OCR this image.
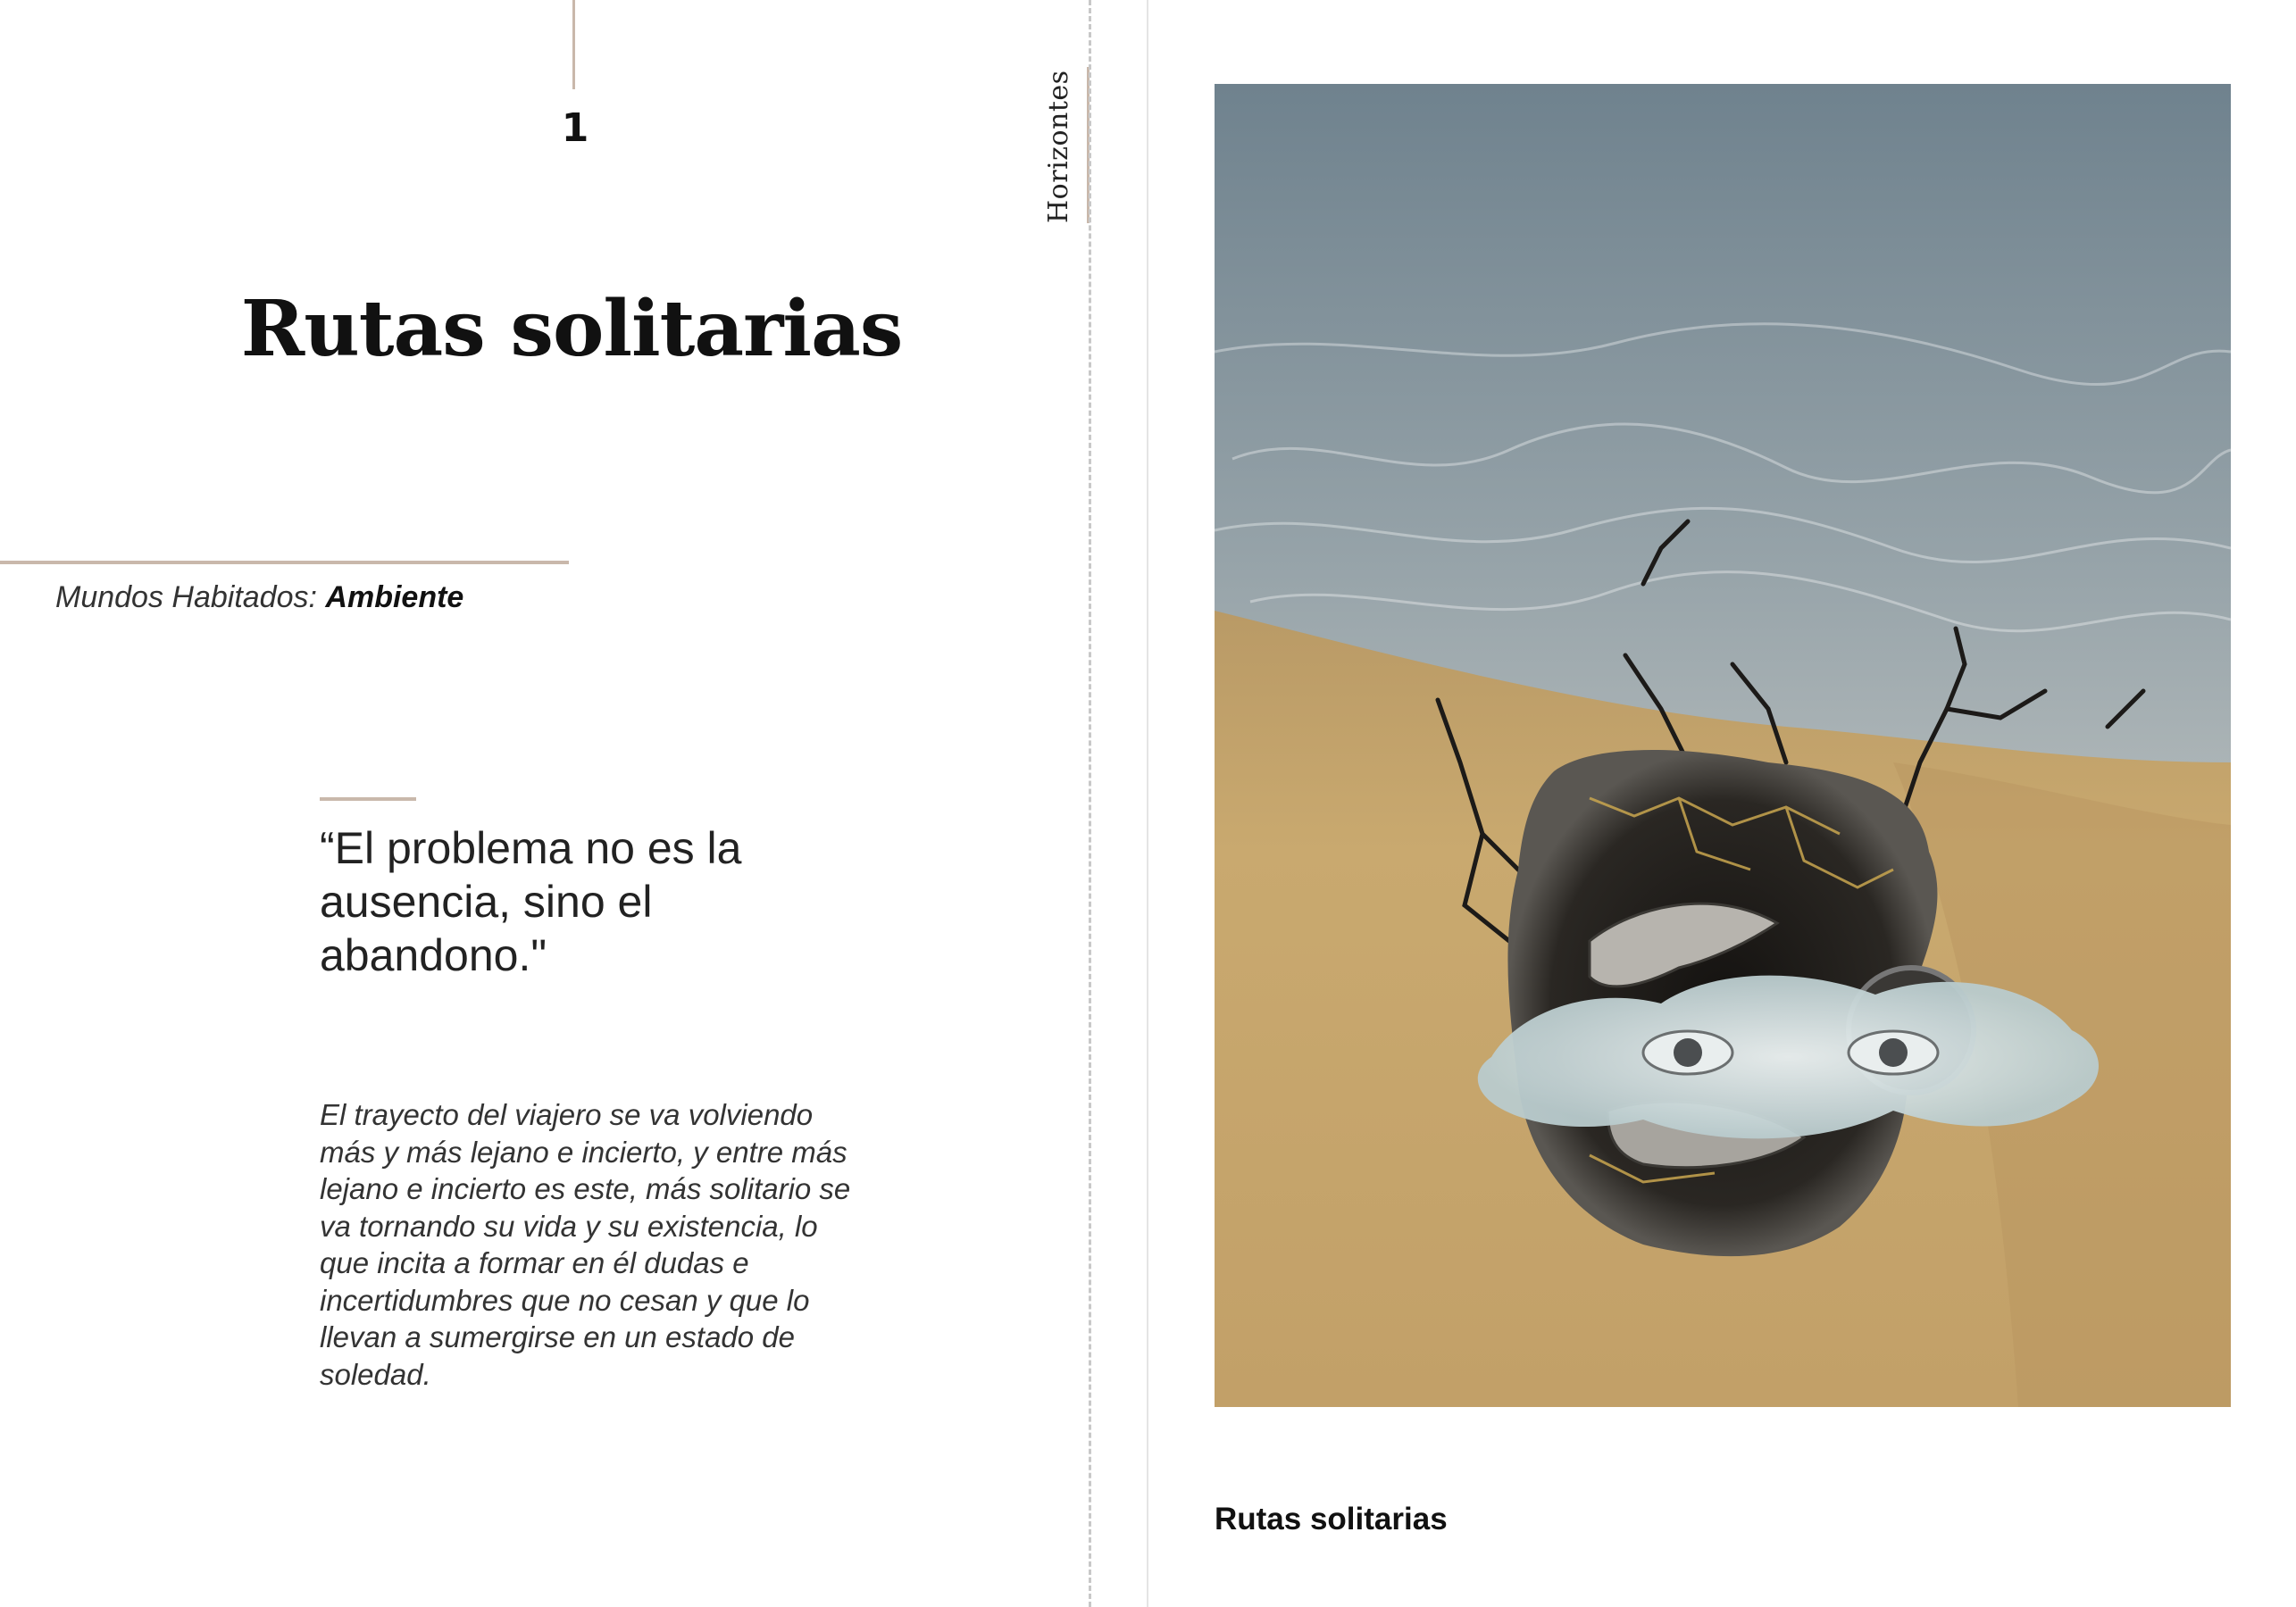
1	Horizontes
Rutas solitarias
Mundos Habitados: Ambiente
“El problema no es la ausencia, sino el abandono."
El trayecto del viajero se va volviendo más y más lejano e incierto, y entre más lejano e incierto es este, más solitario se va tornando su vida y su existencia, lo que incita a formar en él dudas e incertidumbres que no cesan y que lo llevan a sumergirse en un estado de soledad.
Rutas solitarias
